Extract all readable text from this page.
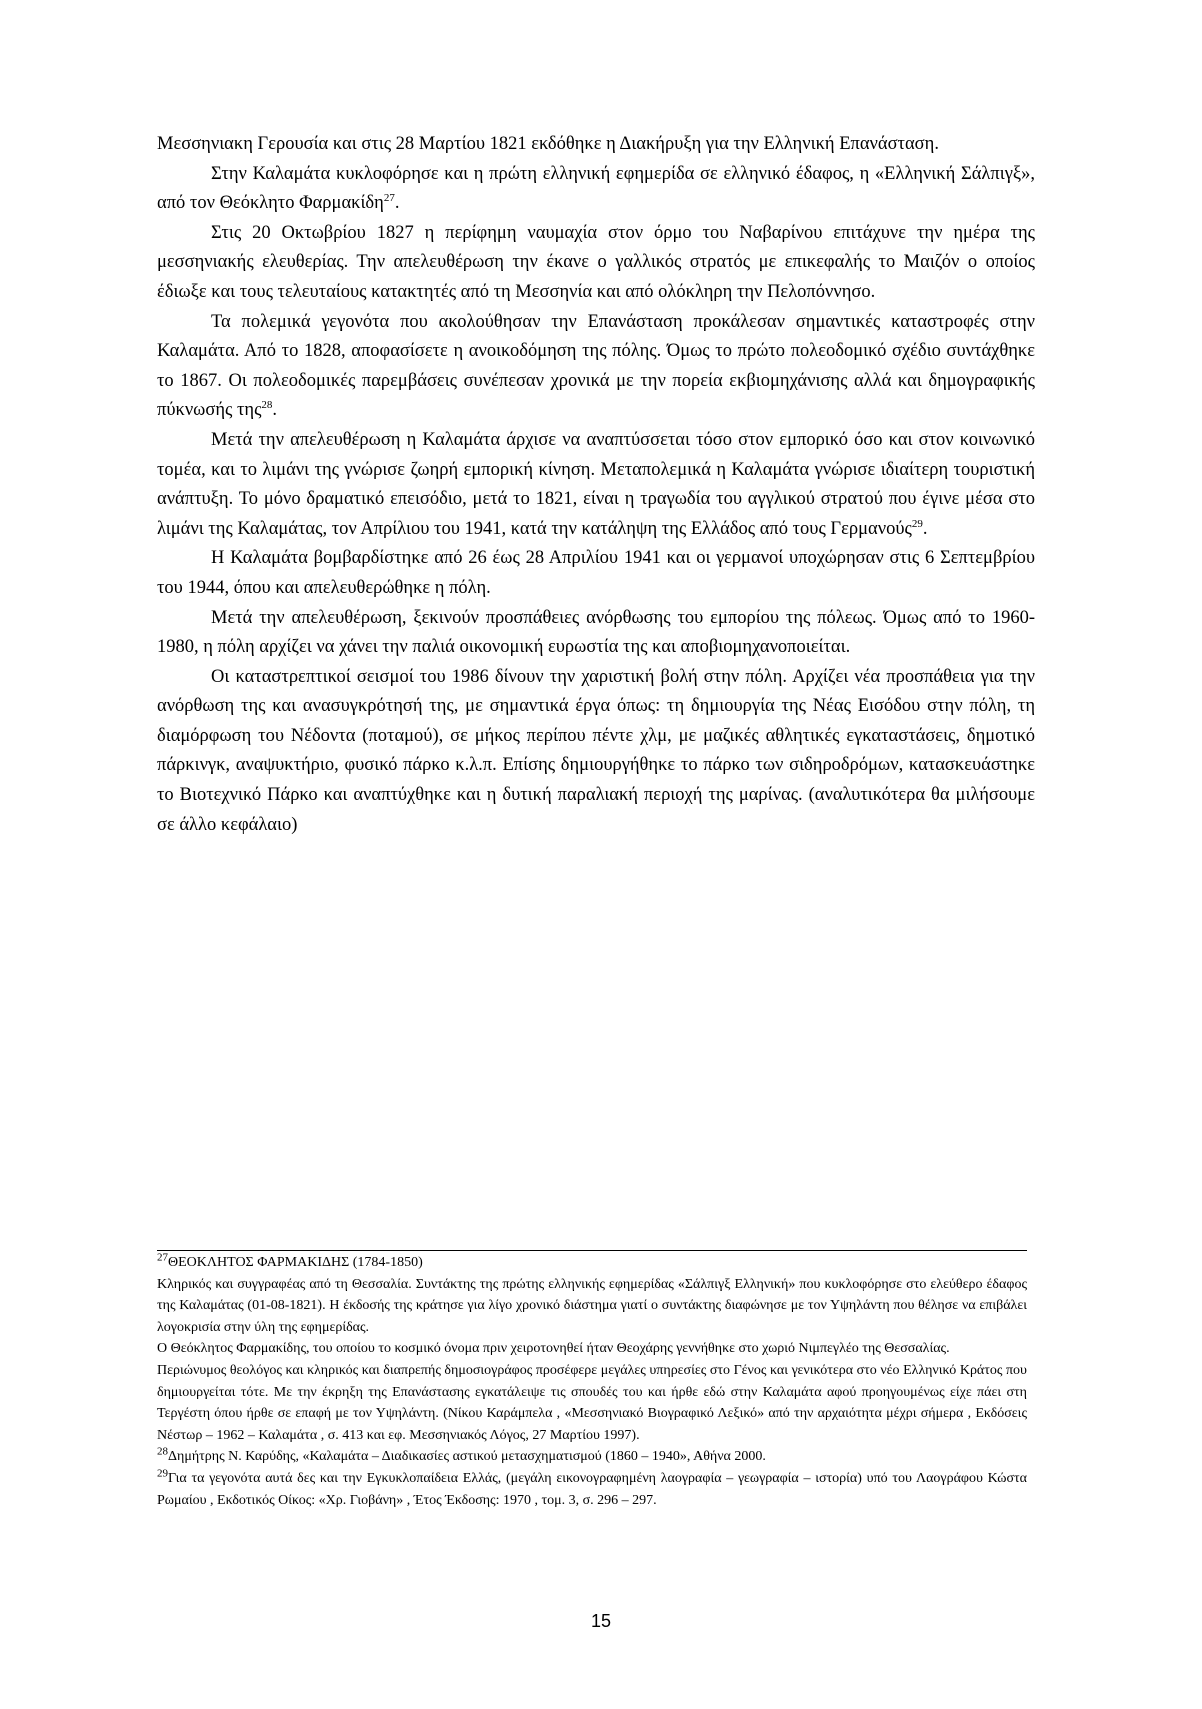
Μεσσηνιακη Γερουσία και στις 28 Μαρτίου 1821 εκδόθηκε η Διακήρυξη για την Ελληνική Επανάσταση.

Στην Καλαμάτα κυκλοφόρησε και η πρώτη ελληνική εφημερίδα σε ελληνικό έδαφος, η «Ελληνική Σάλπιγξ», από τον Θεόκλητο Φαρμακίδη$^{27}$.

Στις 20 Οκτωβρίου 1827 η περίφημη ναυμαχία στον όρμο του Ναβαρίνου επιτάχυνε την ημέρα της μεσσηνιακής ελευθερίας. Την απελευθέρωση την έκανε ο γαλλικός στρατός με επικεφαλής το Μαιζόν ο οποίος έδιωξε και τους τελευταίους κατακτητές από τη Μεσσηνία και από ολόκληρη την Πελοπόννησο.

Τα πολεμικά γεγονότα που ακολούθησαν την Επανάσταση προκάλεσαν σημαντικές καταστροφές στην Καλαμάτα. Από το 1828, αποφασίσετε η ανοικοδόμηση της πόλης. Όμως το πρώτο πολεοδομικό σχέδιο συντάχθηκε το 1867. Οι πολεοδομικές παρεμβάσεις συνέπεσαν χρονικά με την πορεία εκβιομηχάνισης αλλά και δημογραφικής πύκνωσής της$^{28}$.

Μετά την απελευθέρωση η Καλαμάτα άρχισε να αναπτύσσεται τόσο στον εμπορικό όσο και στον κοινωνικό τομέα, και το λιμάνι της γνώρισε ζωηρή εμπορική κίνηση. Μεταπολεμικά η Καλαμάτα γνώρισε ιδιαίτερη τουριστική ανάπτυξη. Το μόνο δραματικό επεισόδιο, μετά το 1821, είναι η τραγωδία του αγγλικού στρατού που έγινε μέσα στο λιμάνι της Καλαμάτας, τον Απρίλιου του 1941, κατά την κατάληψη της Ελλάδος από τους Γερμανούς$^{29}$.

Η Καλαμάτα βομβαρδίστηκε από 26 έως 28 Απριλίου 1941 και οι γερμανοί υποχώρησαν στις 6 Σεπτεμβρίου του 1944, όπου και απελευθερώθηκε η πόλη.

Μετά την απελευθέρωση, ξεκινούν προσπάθειες ανόρθωσης του εμπορίου της πόλεως. Όμως από το 1960-1980, η πόλη αρχίζει να χάνει την παλιά οικονομική ευρωστία της και αποβιομηχανοποιείται.

Οι καταστρεπτικοί σεισμοί του 1986 δίνουν την χαριστική βολή στην πόλη. Αρχίζει νέα προσπάθεια για την ανόρθωση της και ανασυγκρότησή της, με σημαντικά έργα όπως: τη δημιουργία της Νέας Εισόδου στην πόλη, τη διαμόρφωση του Νέδοντα (ποταμού), σε μήκος περίπου πέντε χλμ, με μαζικές αθλητικές εγκαταστάσεις, δημοτικό πάρκινγκ, αναψυκτήριο, φυσικό πάρκο κ.λ.π. Επίσης δημιουργήθηκε το πάρκο των σιδηροδρόμων, κατασκευάστηκε το Βιοτεχνικό Πάρκο και αναπτύχθηκε και η δυτική παραλιακή περιοχή της μαρίνας. (αναλυτικότερα θα μιλήσουμε σε άλλο κεφάλαιο)

$^{27}$ΘΕΟΚΛΗΤΟΣ ΦΑΡΜΑΚΙΔΗΣ (1784-1850)

Κληρικός και συγγραφέας από τη Θεσσαλία. Συντάκτης της πρώτης ελληνικής εφημερίδας «Σάλπιγξ Ελληνική» που κυκλοφόρησε στο ελεύθερο έδαφος της Καλαμάτας (01-08-1821). Η έκδοσής της κράτησε για λίγο χρονικό διάστημα γιατί ο συντάκτης διαφώνησε με τον Υψηλάντη που θέλησε να επιβάλει λογοκρισία στην ύλη της εφημερίδας.

Ο Θεόκλητος Φαρμακίδης, του οποίου το κοσμικό όνομα πριν χειροτονηθεί ήταν Θεοχάρης γεννήθηκε στο χωριό Νιμπεγλέο της Θεσσαλίας.

Περιώνυμος θεολόγος και κληρικός και διαπρεπής δημοσιογράφος προσέφερε μεγάλες υπηρεσίες στο Γένος και γενικότερα στο νέο Ελληνικό Κράτος που δημιουργείται τότε. Με την έκρηξη της Επανάστασης εγκατάλειψε τις σπουδές του και ήρθε εδώ στην Καλαμάτα αφού προηγουμένως είχε πάει στη Τεργέστη όπου ήρθε σε επαφή με τον Υψηλάντη. (Νίκου Καράμπελα , «Μεσσηνιακό Βιογραφικό Λεξικό» από την αρχαιότητα μέχρι σήμερα , Εκδόσεις Νέστωρ – 1962 – Καλαμάτα , σ. 413 και εφ. Μεσσηνιακός Λόγος, 27 Μαρτίου 1997).

$^{28}$Δημήτρης Ν. Καρύδης, «Καλαμάτα – Διαδικασίες αστικού μετασχηματισμού (1860 – 1940», Αθήνα 2000.

$^{29}$Για τα γεγονότα αυτά δες και την Εγκυκλοπαίδεια Ελλάς, (μεγάλη εικονογραφημένη λαογραφία – γεωγραφία – ιστορία) υπό του Λαογράφου Κώστα Ρωμαίου , Εκδοτικός Οίκος: «Χρ. Γιοβάνη» , Έτος Έκδοσης: 1970 , τομ. 3, σ. 296 – 297.

15
